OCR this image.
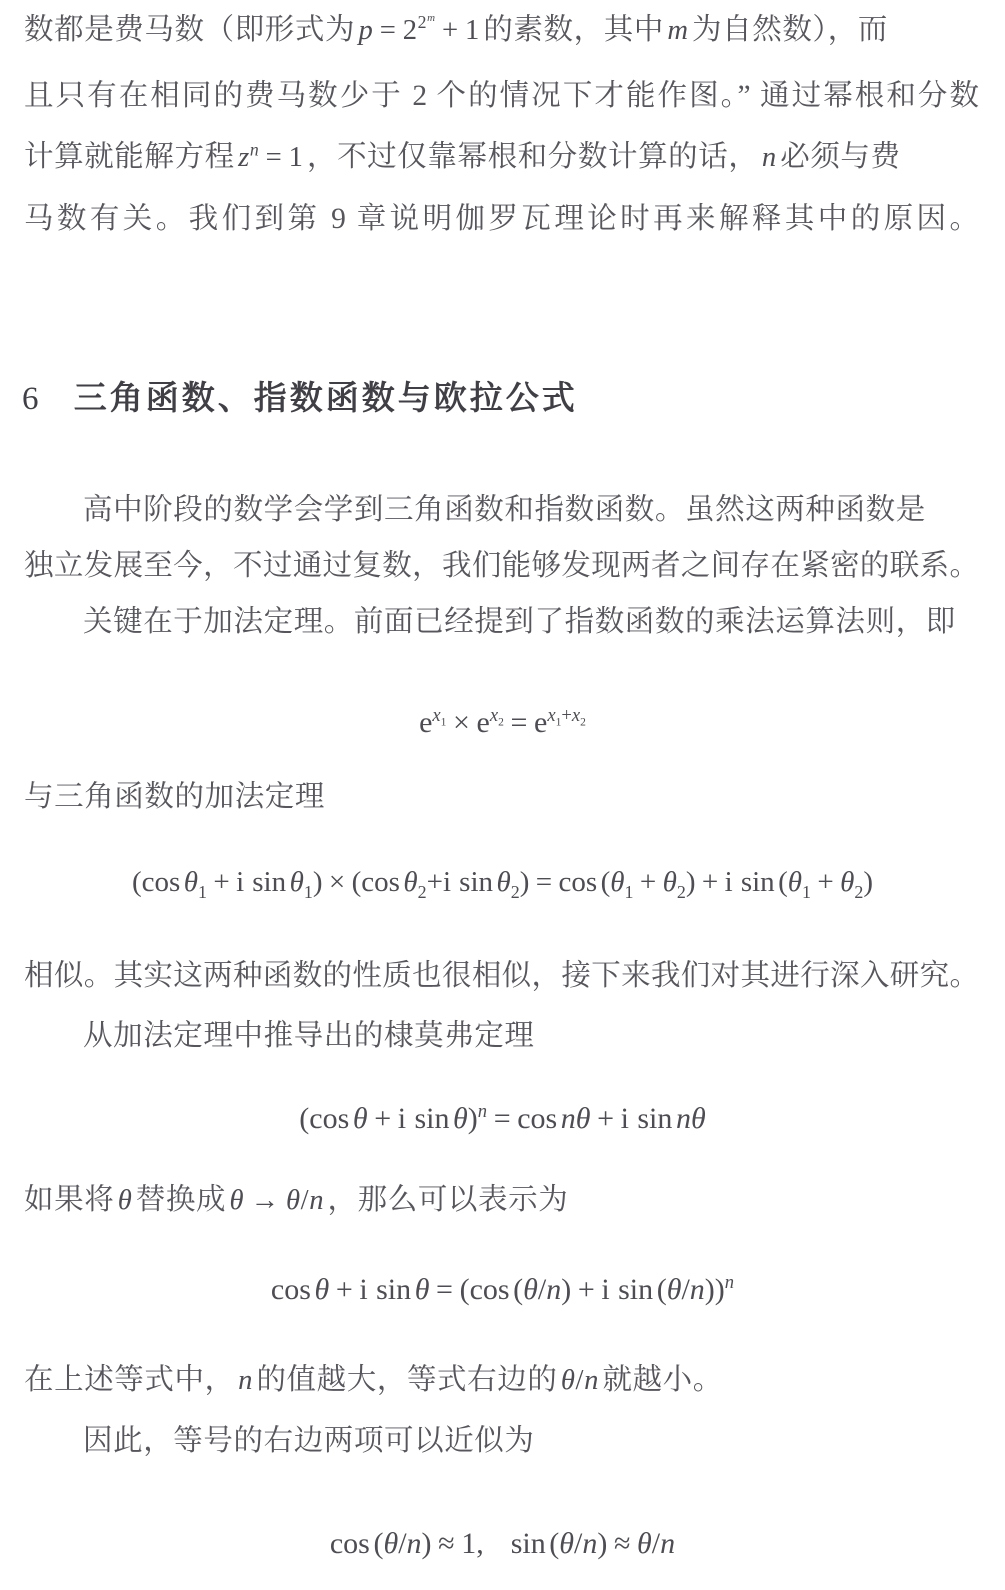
数都是费马数（即形式为 $p = 2^{2^m} + 1$ 的素数，其中 m 为自然数），而
且只有在相同的费马数少于 2 个的情况下才能作图。” 通过幂根和分数
计算就能解方程 $z^n = 1$ ，不过仅靠幂根和分数计算的话， n 必须与费
马数有关。我们到第 9 章说明伽罗瓦理论时再来解释其中的原因。
6 三角函数、指数函数与欧拉公式
高中阶段的数学会学到三角函数和指数函数。虽然这两种函数是
独立发展至今，不过通过复数，我们能够发现两者之间存在紧密的联系。
关键在于加法定理。前面已经提到了指数函数的乘法运算法则，即
$e^{x_1} \times e^{x_2} = e^{x_1+x_2}$
与三角函数的加法定理
(cos $\theta_1 + i$ $\sin \theta_1) \times (\cos$ $\theta_2+i$ $\sin \theta_2) = \cos (\theta_1 + \theta_2) + i$ $\sin (\theta_1 + \theta_2)$
相似。其实这两种函数的性质也很相似，接下来我们对其进行深入研究。
从加法定理中推导出的棣莫弗定理
(cos θ + i sin θ)$^n$ = cos nθ + i sin nθ
如果将 θ 替换成 θ → θ/n ，那么可以表示为
cos θ + i sin θ = (cos (θ/n) + i sin (θ/n))$^n$
在上述等式中， n 的值越大，等式右边的 θ/n 就越小。
因此，等号的右边两项可以近似为
cos (θ/n) ≈ 1, sin (θ/n) ≈ θ/n
